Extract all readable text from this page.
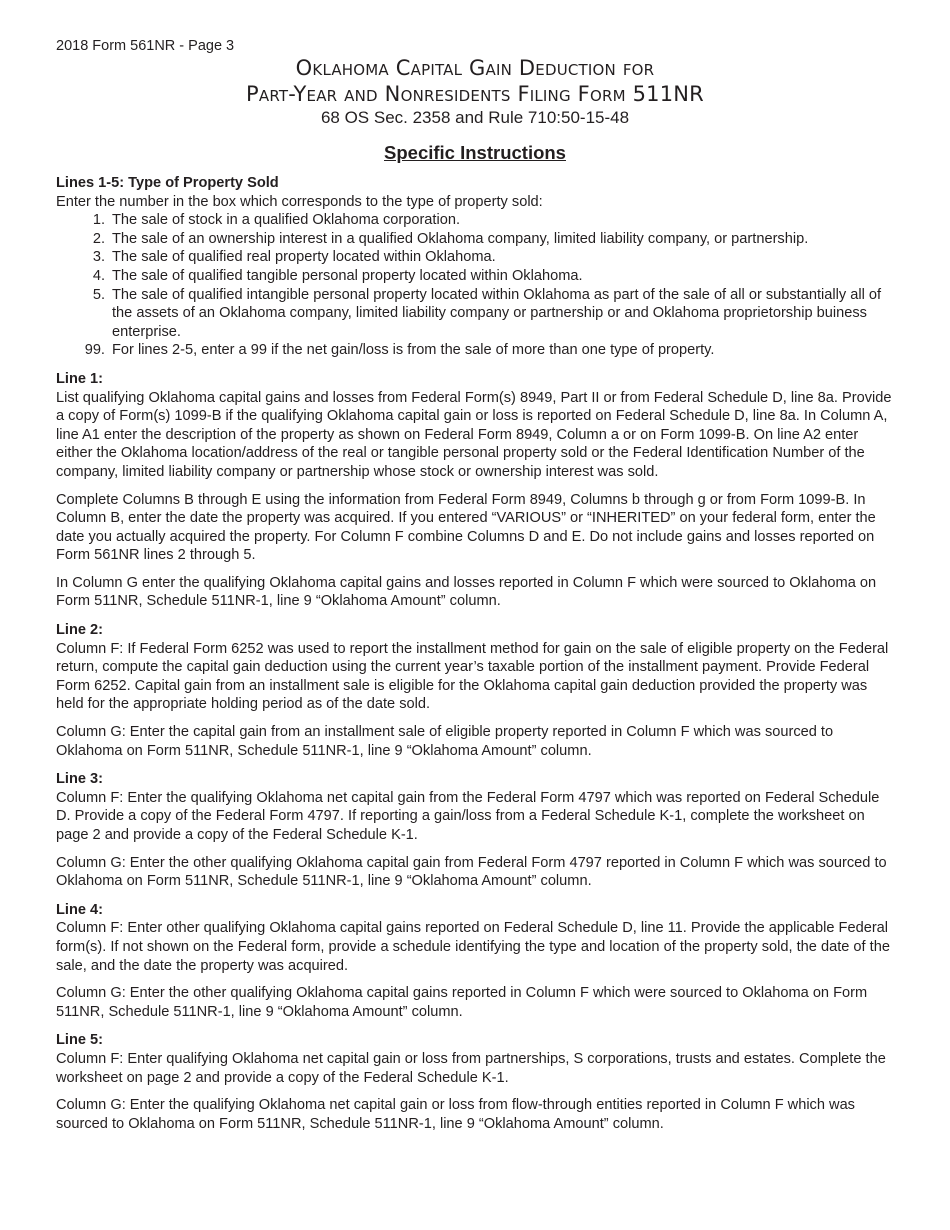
2018 Form 561NR - Page 3
Oklahoma Capital Gain Deduction for
Part-Year and Nonresidents Filing Form 511NR
68 OS Sec. 2358 and Rule 710:50-15-48
Specific Instructions

Lines 1-5: Type of Property Sold

Enter the number in the box which corresponds to the type of property sold:

1. The sale of stock in a qualified Oklahoma corporation.
2. The sale of an ownership interest in a qualified Oklahoma company, limited liability company, or partnership.
3. The sale of qualified real property located within Oklahoma.
4. The sale of qualified tangible personal property located within Oklahoma.
5. The sale of qualified intangible personal property located within Oklahoma as part of the sale of all or substantially all of the assets of an Oklahoma company, limited liability company or partnership or and Oklahoma proprietorship buiness enterprise.
99. For lines 2-5, enter a 99 if the net gain/loss is from the sale of more than one type of property.

Line 1:

List qualifying Oklahoma capital gains and losses from Federal Form(s) 8949, Part II or from Federal Schedule D, line 8a. Provide a copy of Form(s) 1099-B if the qualifying Oklahoma capital gain or loss is reported on Federal Schedule D, line 8a. In Column A, line A1 enter the description of the property as shown on Federal Form 8949, Column a or on Form 1099-B. On line A2 enter either the Oklahoma location/address of the real or tangible personal property sold or the Federal Identification Number of the company, limited liability company or partnership whose stock or ownership interest was sold.

Complete Columns B through E using the information from Federal Form 8949, Columns b through g or from Form 1099-B. In Column B, enter the date the property was acquired. If you entered “VARIOUS” or “INHERITED” on your federal form, enter the date you actually acquired the property. For Column F combine Columns D and E. Do not include gains and losses reported on Form 561NR lines 2 through 5.

In Column G enter the qualifying Oklahoma capital gains and losses reported in Column F which were sourced to Oklahoma on Form 511NR, Schedule 511NR-1, line 9 “Oklahoma Amount” column.

Line 2:

Column F: If Federal Form 6252 was used to report the installment method for gain on the sale of eligible property on the Federal return, compute the capital gain deduction using the current year’s taxable portion of the installment payment. Provide Federal Form 6252. Capital gain from an installment sale is eligible for the Oklahoma capital gain deduction provided the property was held for the appropriate holding period as of the date sold.

Column G: Enter the capital gain from an installment sale of eligible property reported in Column F which was sourced to Oklahoma on Form 511NR, Schedule 511NR-1, line 9 “Oklahoma Amount” column.

Line 3:

Column F: Enter the qualifying Oklahoma net capital gain from the Federal Form 4797 which was reported on Federal Schedule D. Provide a copy of the Federal Form 4797. If reporting a gain/loss from a Federal Schedule K-1, complete the worksheet on page 2 and provide a copy of the Federal Schedule K-1.

Column G: Enter the other qualifying Oklahoma capital gain from Federal Form 4797 reported in Column F which was sourced to Oklahoma on Form 511NR, Schedule 511NR-1, line 9 “Oklahoma Amount” column.

Line 4:

Column F: Enter other qualifying Oklahoma capital gains reported on Federal Schedule D, line 11. Provide the applicable Federal form(s). If not shown on the Federal form, provide a schedule identifying the type and location of the property sold, the date of the sale, and the date the property was acquired.

Column G: Enter the other qualifying Oklahoma capital gains reported in Column F which were sourced to Oklahoma on Form 511NR, Schedule 511NR-1, line 9 “Oklahoma Amount” column.

Line 5:

Column F: Enter qualifying Oklahoma net capital gain or loss from partnerships, S corporations, trusts and estates. Complete the worksheet on page 2 and provide a copy of the Federal Schedule K-1.

Column G: Enter the qualifying Oklahoma net capital gain or loss from flow-through entities reported in Column F which was sourced to Oklahoma on Form 511NR, Schedule 511NR-1, line 9 “Oklahoma Amount” column.
